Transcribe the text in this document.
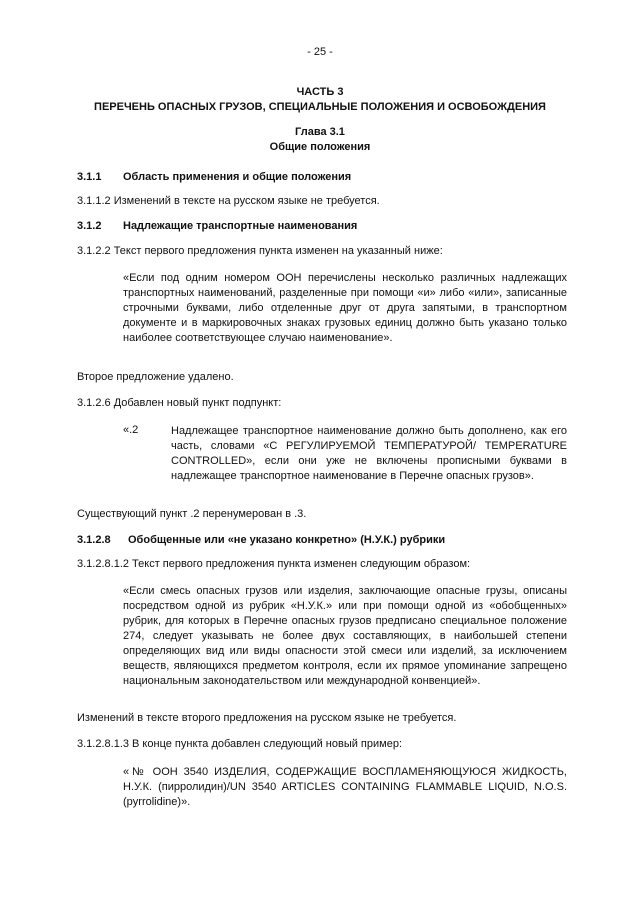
- 25 -
ЧАСТЬ 3
ПЕРЕЧЕНЬ ОПАСНЫХ ГРУЗОВ, СПЕЦИАЛЬНЫЕ ПОЛОЖЕНИЯ И ОСВОБОЖДЕНИЯ
Глава 3.1
Общие положения
3.1.1 Область применения и общие положения
3.1.1.2 Изменений в тексте на русском языке не требуется.
3.1.2 Надлежащие транспортные наименования
3.1.2.2 Текст первого предложения пункта изменен на указанный ниже:
«Если под одним номером ООН перечислены несколько различных надлежащих транспортных наименований, разделенные при помощи «и» либо «или», записанные строчными буквами, либо отделенные друг от друга запятыми, в транспортном документе и в маркировочных знаках грузовых единиц должно быть указано только наиболее соответствующее случаю наименование».
Второе предложение удалено.
3.1.2.6 Добавлен новый пункт подпункт:
«.2	Надлежащее транспортное наименование должно быть дополнено, как его часть, словами «С РЕГУЛИРУЕМОЙ ТЕМПЕРАТУРОЙ/ TEMPERATURE CONTROLLED», если они уже не включены прописными буквами в надлежащее транспортное наименование в Перечне опасных грузов».
Существующий пункт .2 перенумерован в .3.
3.1.2.8 Обобщенные или «не указано конкретно» (Н.У.К.) рубрики
3.1.2.8.1.2 Текст первого предложения пункта изменен следующим образом:
«Если смесь опасных грузов или изделия, заключающие опасные грузы, описаны посредством одной из рубрик «Н.У.К.» или при помощи одной из «обобщенных» рубрик, для которых в Перечне опасных грузов предписано специальное положение 274, следует указывать не более двух составляющих, в наибольшей степени определяющих вид или виды опасности этой смеси или изделий, за исключением веществ, являющихся предметом контроля, если их прямое упоминание запрещено национальным законодательством или международной конвенцией».
Изменений в тексте второго предложения на русском языке не требуется.
3.1.2.8.1.3 В конце пункта добавлен следующий новый пример:
«№ ООН 3540 ИЗДЕЛИЯ, СОДЕРЖАЩИЕ ВОСПЛАМЕНЯЮЩУЮСЯ ЖИДКОСТЬ, Н.У.К. (пирролидин)/UN 3540 ARTICLES CONTAINING FLAMMABLE LIQUID, N.O.S. (pyrrolidine)».
